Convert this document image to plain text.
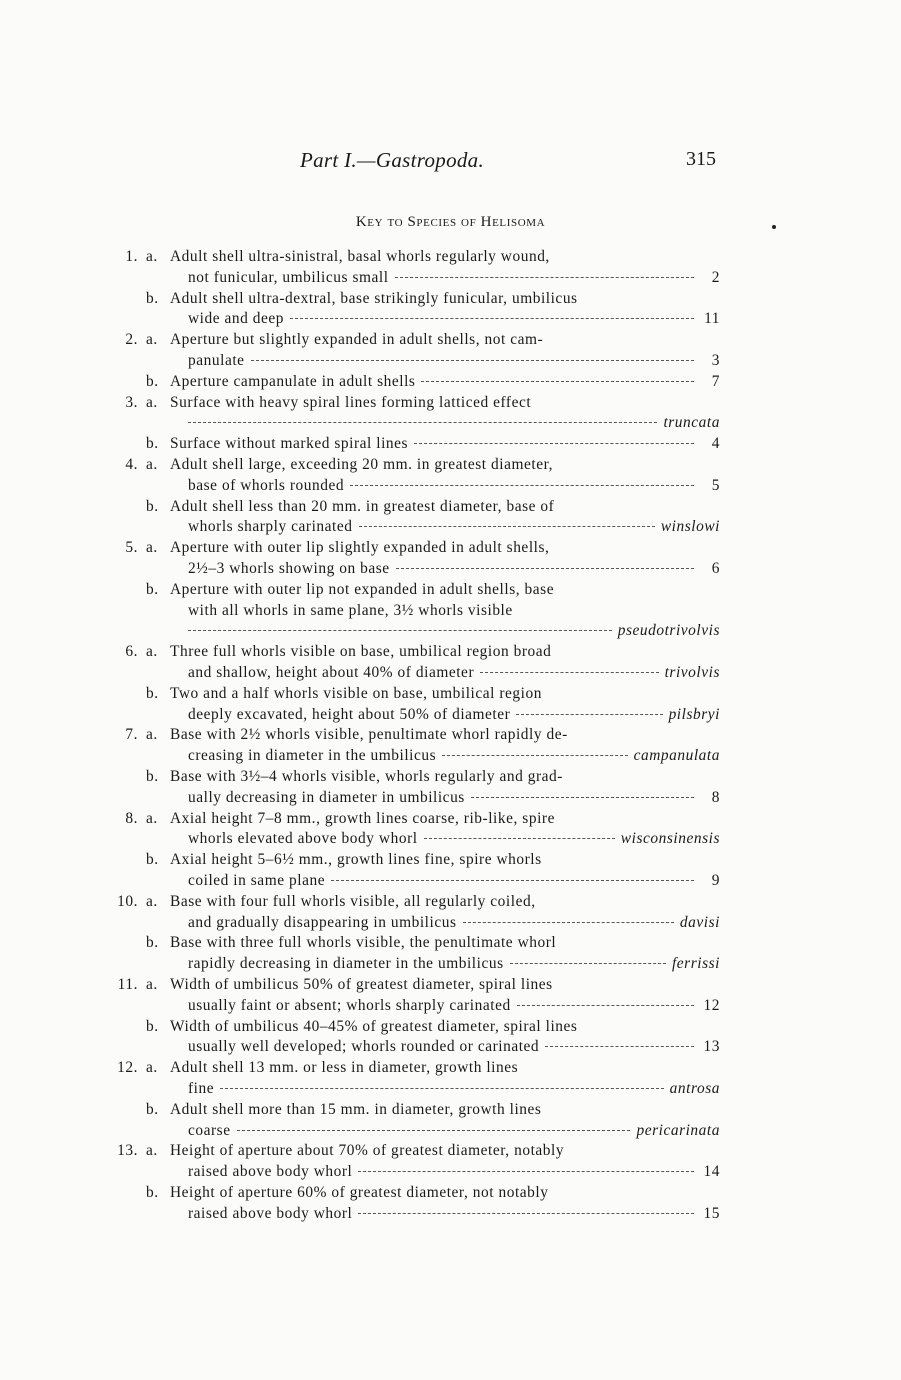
Part I.—Gastropoda.	315
Key to Species of Helisoma
1. a. Adult shell ultra-sinistral, basal whorls regularly wound,
not funicular, umbilicus small	2
b. Adult shell ultra-dextral, base strikingly funicular, umbilicus
wide and deep	11
2. a. Aperture but slightly expanded in adult shells, not cam-
panulate	3
b. Aperture campanulate in adult shells	7
3. a. Surface with heavy spiral lines forming latticed effect
truncata
b. Surface without marked spiral lines	4
4. a. Adult shell large, exceeding 20 mm. in greatest diameter,
base of whorls rounded	5
b. Adult shell less than 20 mm. in greatest diameter, base of
whorls sharply carinated	winslowi
5. a. Aperture with outer lip slightly expanded in adult shells,
2½–3 whorls showing on base	6
b. Aperture with outer lip not expanded in adult shells, base
with all whorls in same plane, 3½ whorls visible
pseudotrivolvis
6. a. Three full whorls visible on base, umbilical region broad
and shallow, height about 40% of diameter	trivolvis
b. Two and a half whorls visible on base, umbilical region
deeply excavated, height about 50% of diameter	pilsbryi
7. a. Base with 2½ whorls visible, penultimate whorl rapidly de-
creasing in diameter in the umbilicus	campanulata
b. Base with 3½–4 whorls visible, whorls regularly and grad-
ually decreasing in diameter in umbilicus	8
8. a. Axial height 7–8 mm., growth lines coarse, rib-like, spire
whorls elevated above body whorl	wisconsinensis
b. Axial height 5–6½ mm., growth lines fine, spire whorls
coiled in same plane	9
10. a. Base with four full whorls visible, all regularly coiled,
and gradually disappearing in umbilicus	davisi
b. Base with three full whorls visible, the penultimate whorl
rapidly decreasing in diameter in the umbilicus	ferrissi
11. a. Width of umbilicus 50% of greatest diameter, spiral lines
usually faint or absent; whorls sharply carinated	12
b. Width of umbilicus 40–45% of greatest diameter, spiral lines
usually well developed; whorls rounded or carinated	13
12. a. Adult shell 13 mm. or less in diameter, growth lines
fine	antrosa
b. Adult shell more than 15 mm. in diameter, growth lines
coarse	pericarinata
13. a. Height of aperture about 70% of greatest diameter, notably
raised above body whorl	14
b. Height of aperture 60% of greatest diameter, not notably
raised above body whorl	15
